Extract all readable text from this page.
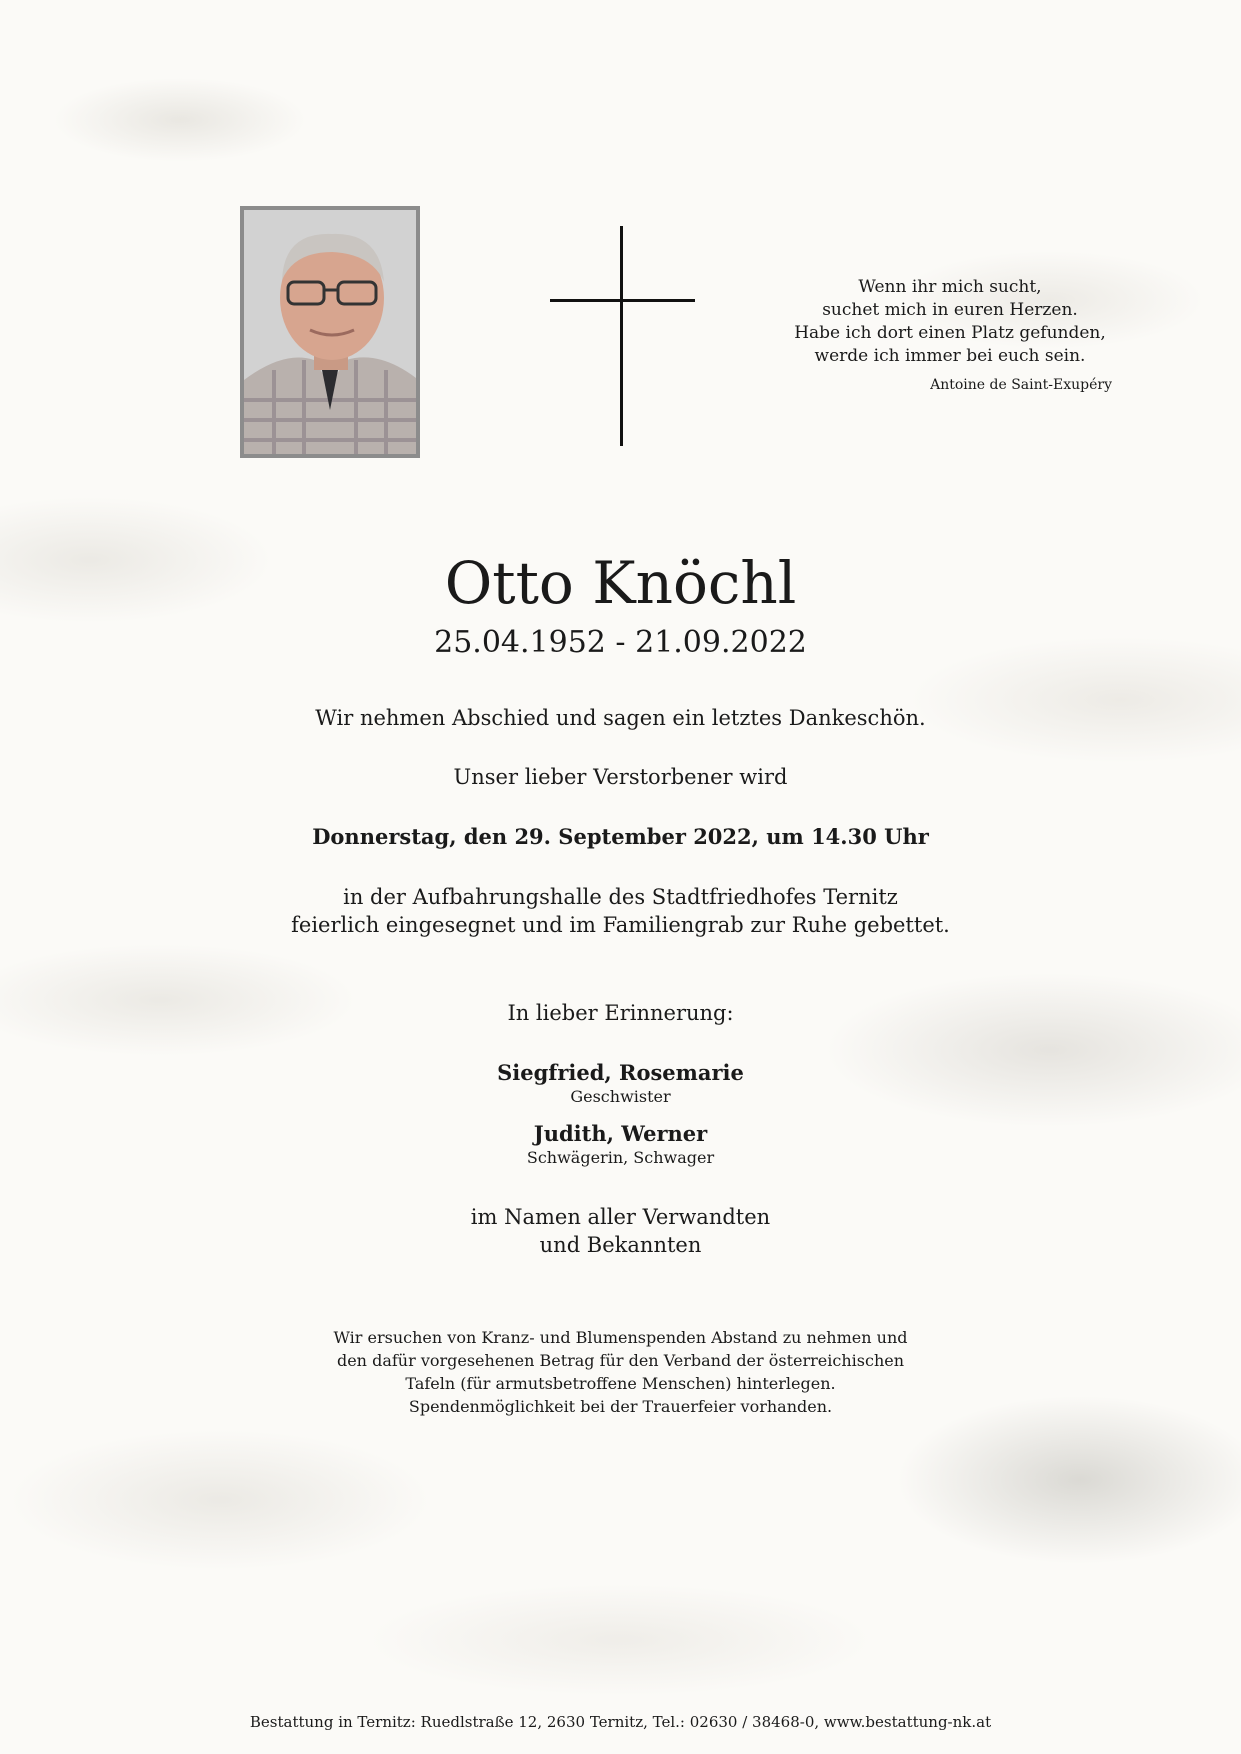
Wenn ihr mich sucht,
suchet mich in euren Herzen.
Habe ich dort einen Platz gefunden,
werde ich immer bei euch sein.
Antoine de Saint-Exupéry
Otto Knöchl
25.04.1952 - 21.09.2022
Wir nehmen Abschied und sagen ein letztes Dankeschön.
Unser lieber Verstorbener wird
Donnerstag, den 29. September 2022, um 14.30 Uhr
in der Aufbahrungshalle des Stadtfriedhofes Ternitz
feierlich eingesegnet und im Familiengrab zur Ruhe gebettet.
In lieber Erinnerung:
Siegfried, Rosemarie
Geschwister
Judith, Werner
Schwägerin, Schwager
im Namen aller Verwandten
und Bekannten
Wir ersuchen von Kranz- und Blumenspenden Abstand zu nehmen und
den dafür vorgesehenen Betrag für den Verband der österreichischen
Tafeln (für armutsbetroffene Menschen) hinterlegen.
Spendenmöglichkeit bei der Trauerfeier vorhanden.
Bestattung in Ternitz: Ruedlstraße 12, 2630 Ternitz, Tel.: 02630 / 38468-0, www.bestattung-nk.at
